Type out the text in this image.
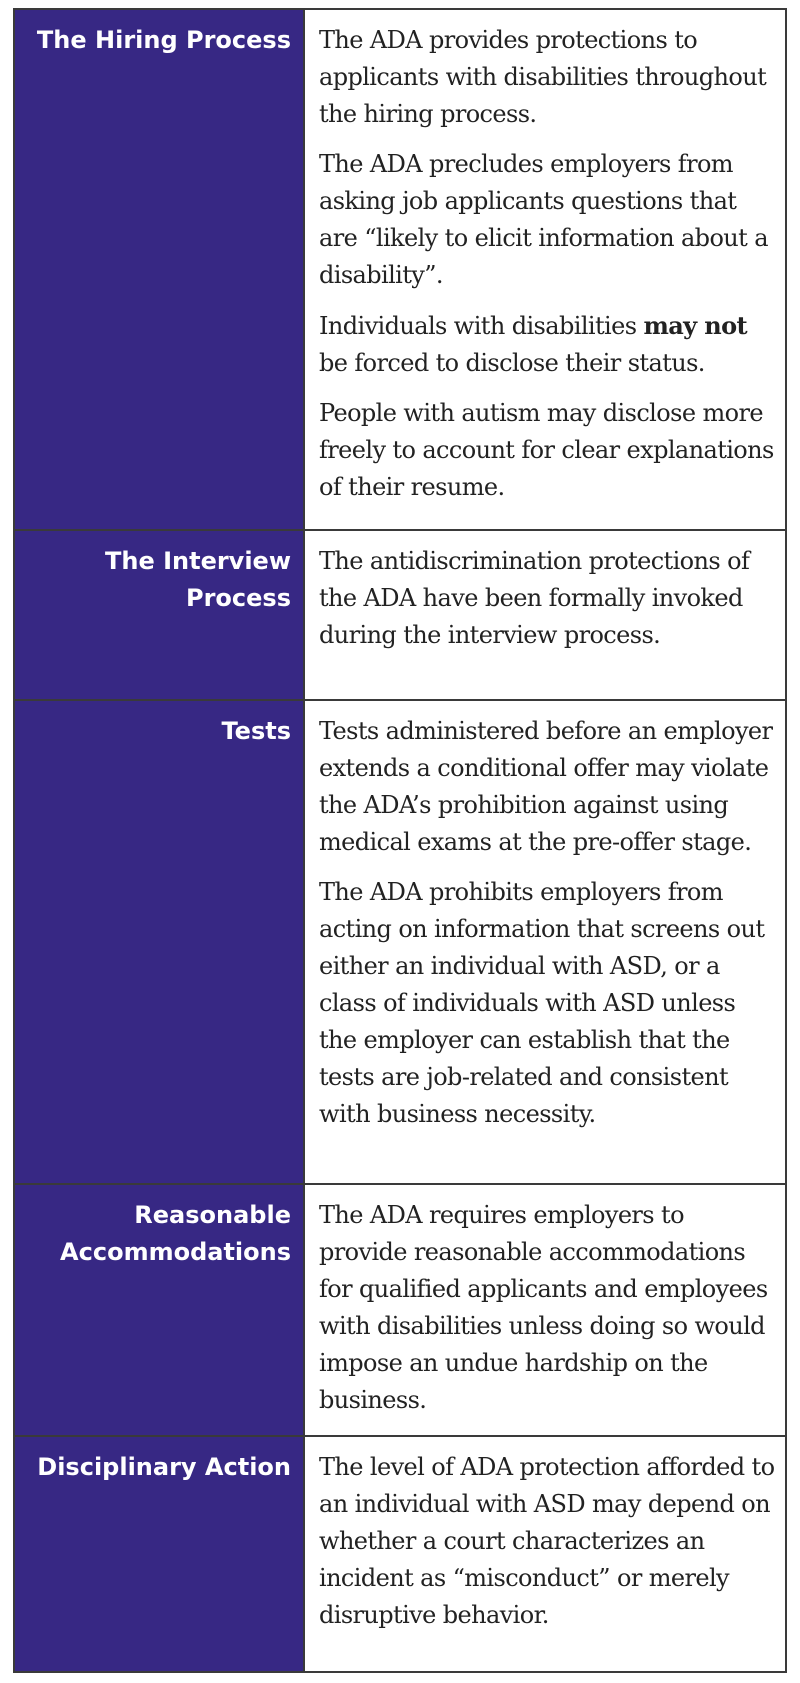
The Hiring Process The ADA provides protections to applicants with disabilities throughout the hiring process.

The ADA precludes employers from asking job applicants questions that are “likely to elicit information about a disability”.

Individuals with disabilities may not be forced to disclose their status.

People with autism may disclose more freely to account for clear explanations of their resume.

The Interview Process

The antidiscrimination protections of the ADA have been formally invoked during the interview process.

Tests Tests administered before an employer extends a conditional offer may violate the ADA’s prohibition against using medical exams at the pre-offer stage.

The ADA prohibits employers from acting on information that screens out either an individual with ASD, or a class of individuals with ASD unless the employer can establish that the tests are job-related and consistent with business necessity.

Reasonable Accommodations

The ADA requires employers to provide reasonable accommodations for qualified applicants and employees with disabilities unless doing so would impose an undue hardship on the business.

Disciplinary Action The level of ADA protection afforded to an individual with ASD may depend on whether a court characterizes an incident as “misconduct” or merely disruptive behavior.
